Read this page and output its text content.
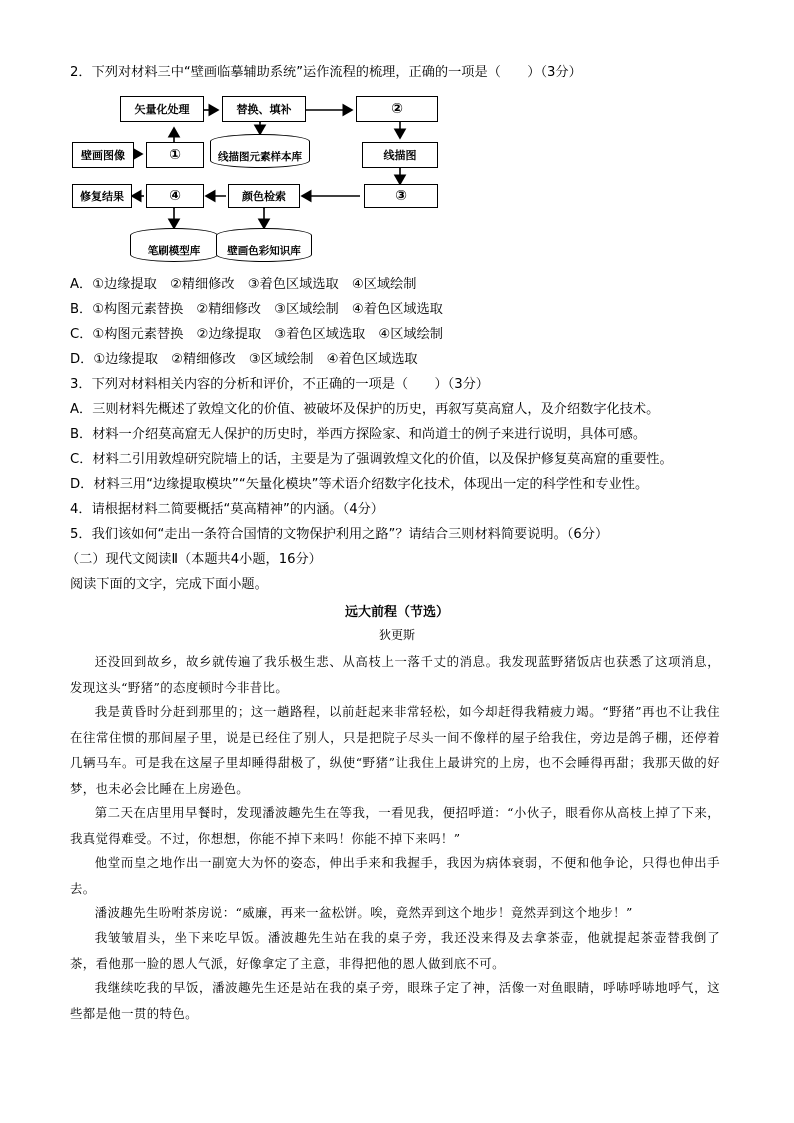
2．下列对材料三中“壁画临摹辅助系统”运作流程的梳理，正确的一项是（　　）（3分）
矢量化处理	替换、填补	②
壁画图像	①	线描图元素样本库	线描图
修复结果	④	颜色检索	③
笔刷模型库	壁画色彩知识库
A．①边缘提取　②精细修改　③着色区域选取　④区域绘制
B．①构图元素替换　②精细修改　③区域绘制　④着色区域选取
C．①构图元素替换　②边缘提取　③着色区域选取　④区域绘制
D．①边缘提取　②精细修改　③区域绘制　④着色区域选取
3．下列对材料相关内容的分析和评价，不正确的一项是（　　）（3分）
A．三则材料先概述了敦煌文化的价值、被破坏及保护的历史，再叙写莫高窟人，及介绍数字化技术。
B．材料一介绍莫高窟无人保护的历史时，举西方探险家、和尚道士的例子来进行说明，具体可感。
C．材料二引用敦煌研究院墙上的话，主要是为了强调敦煌文化的价值，以及保护修复莫高窟的重要性。
D．材料三用“边缘提取模块”“矢量化模块”等术语介绍数字化技术，体现出一定的科学性和专业性。
4．请根据材料二简要概括“莫高精神”的内涵。（4分）
5．我们该如何“走出一条符合国情的文物保护利用之路”？请结合三则材料简要说明。（6分）
（二）现代文阅读Ⅱ（本题共4小题，16分）
阅读下面的文字，完成下面小题。
远大前程（节选）
狄更斯
还没回到故乡，故乡就传遍了我乐极生悲、从高枝上一落千丈的消息。我发现蓝野猪饭店也获悉了这项消息，发现这头“野猪”的态度顿时今非昔比。
我是黄昏时分赶到那里的；这一趟路程，以前赶起来非常轻松，如今却赶得我精疲力竭。“野猪”再也不让我住在往常住惯的那间屋子里，说是已经住了别人，只是把院子尽头一间不像样的屋子给我住，旁边是鸽子棚，还停着几辆马车。可是我在这屋子里却睡得甜极了，纵使“野猪”让我住上最讲究的上房，也不会睡得再甜；我那天做的好梦，也未必会比睡在上房逊色。
第二天在店里用早餐时，发现潘波趣先生在等我，一看见我，便招呼道：“小伙子，眼看你从高枝上掉了下来，我真觉得难受。不过，你想想，你能不掉下来吗！你能不掉下来吗！”
他堂而皇之地作出一副宽大为怀的姿态，伸出手来和我握手，我因为病体衰弱，不便和他争论，只得也伸出手去。
潘波趣先生吩咐茶房说：“威廉，再来一盆松饼。唉，竟然弄到这个地步！竟然弄到这个地步！”
我皱皱眉头，坐下来吃早饭。潘波趣先生站在我的桌子旁，我还没来得及去拿茶壶，他就提起茶壶替我倒了茶，看他那一脸的恩人气派，好像拿定了主意，非得把他的恩人做到底不可。
我继续吃我的早饭，潘波趣先生还是站在我的桌子旁，眼珠子定了神，活像一对鱼眼睛，呼哧呼哧地呼气，这些都是他一贯的特色。
